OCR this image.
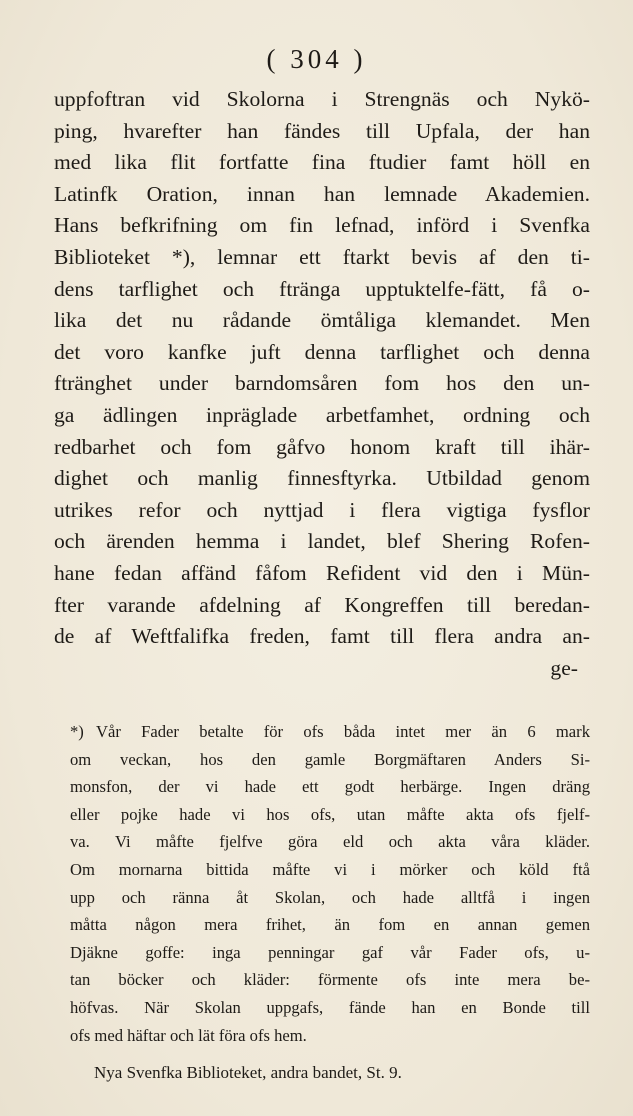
( 304 )
uppfoftran vid Skolorna i Strengnäs och Nykö-
ping, hvarefter han fändes till Upfala, der han
med lika flit fortfatte fina ftudier famt höll en
Latinfk Oration, innan han lemnade Akademien.
Hans befkrifning om fin lefnad, införd i Svenfka
Biblioteket *), lemnar ett ftarkt bevis af den ti-
dens tarflighet och ftränga upptuktelfe-fätt, få o-
lika det nu rådande ömtåliga klemandet. Men
det voro kanfke juft denna tarflighet och denna
ftränghet under barndomsåren fom hos den un-
ga ädlingen inpräglade arbetfamhet, ordning och
redbarhet och fom gåfvo honom kraft till ihär-
dighet och manlig finnesftyrka. Utbildad genom
utrikes refor och nyttjad i flera vigtiga fysflor
och ärenden hemma i landet, blef Shering Rofen-
hane fedan affänd fåfom Refident vid den i Mün-
fter varande afdelning af Kongreffen till beredan-
de af Weftfalifka freden, famt till flera andra an-
ge-
*) Vår Fader betalte för ofs båda intet mer än 6 mark
om veckan, hos den gamle Borgmäftaren Anders Si-
monsfon, der vi hade ett godt herbärge. Ingen dräng
eller pojke hade vi hos ofs, utan måfte akta ofs fjelf-
va. Vi måfte fjelfve göra eld och akta våra kläder.
Om mornarna bittida måfte vi i mörker och köld ftå
upp och ränna åt Skolan, och hade alltfå i ingen
måtta någon mera frihet, än fom en annan gemen
Djäkne goffe: inga penningar gaf vår Fader ofs, u-
tan böcker och kläder: förmente ofs inte mera be-
höfvas. När Skolan uppgafs, fände han en Bonde till
ofs med häftar och lät föra ofs hem.
Nya Svenfka Biblioteket, andra bandet, St. 9.
